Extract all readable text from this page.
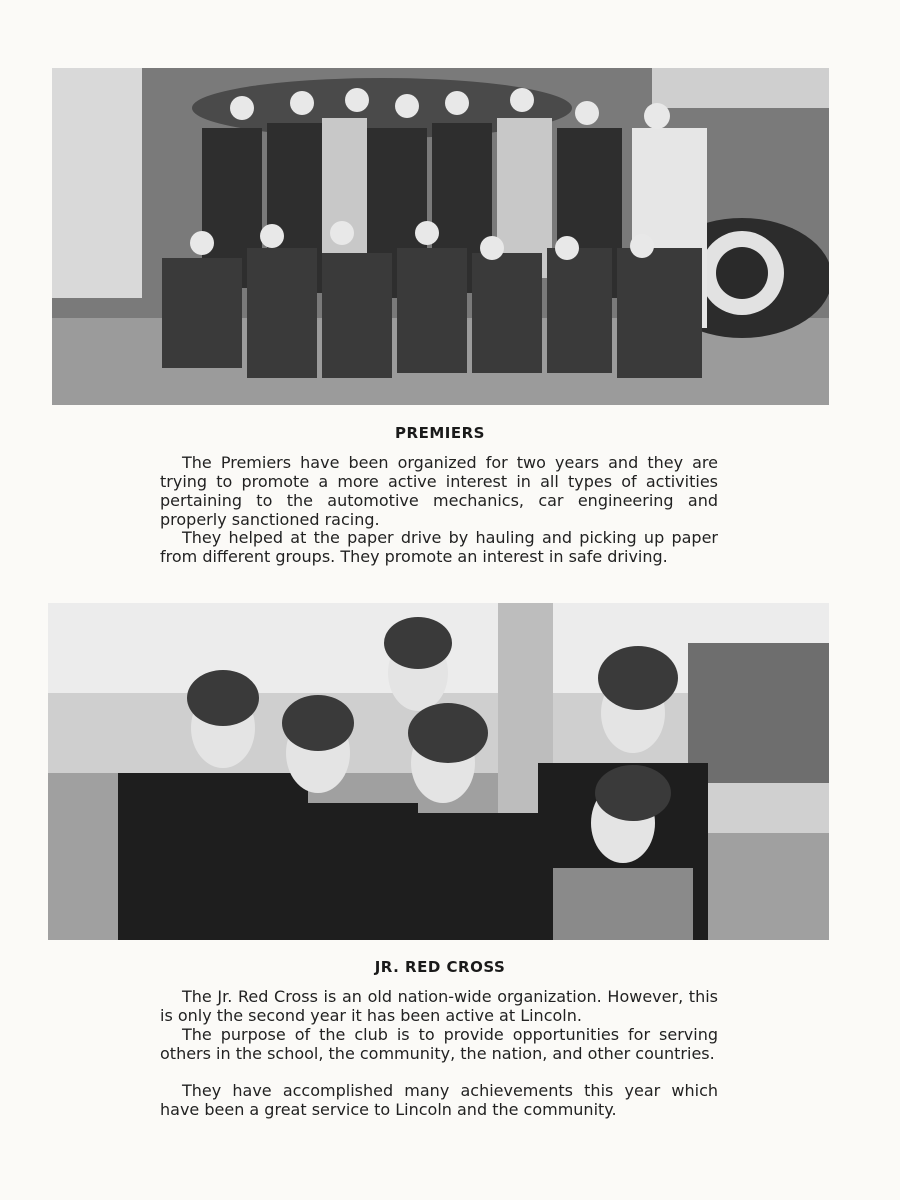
PREMIERS

The Premiers have been organized for two years and they are trying to promote a more active interest in all types of activities pertaining to the automotive mechanics, car engineering and properly sanctioned racing.

They helped at the paper drive by hauling and picking up paper from different groups. They promote an interest in safe driving.

JR. RED CROSS

The Jr. Red Cross is an old nation-wide organization. However, this is only the second year it has been active at Lincoln.

The purpose of the club is to provide opportunities for serving others in the school, the community, the nation, and other countries.

They have accomplished many achievements this year which have been a great service to Lincoln and the community.
